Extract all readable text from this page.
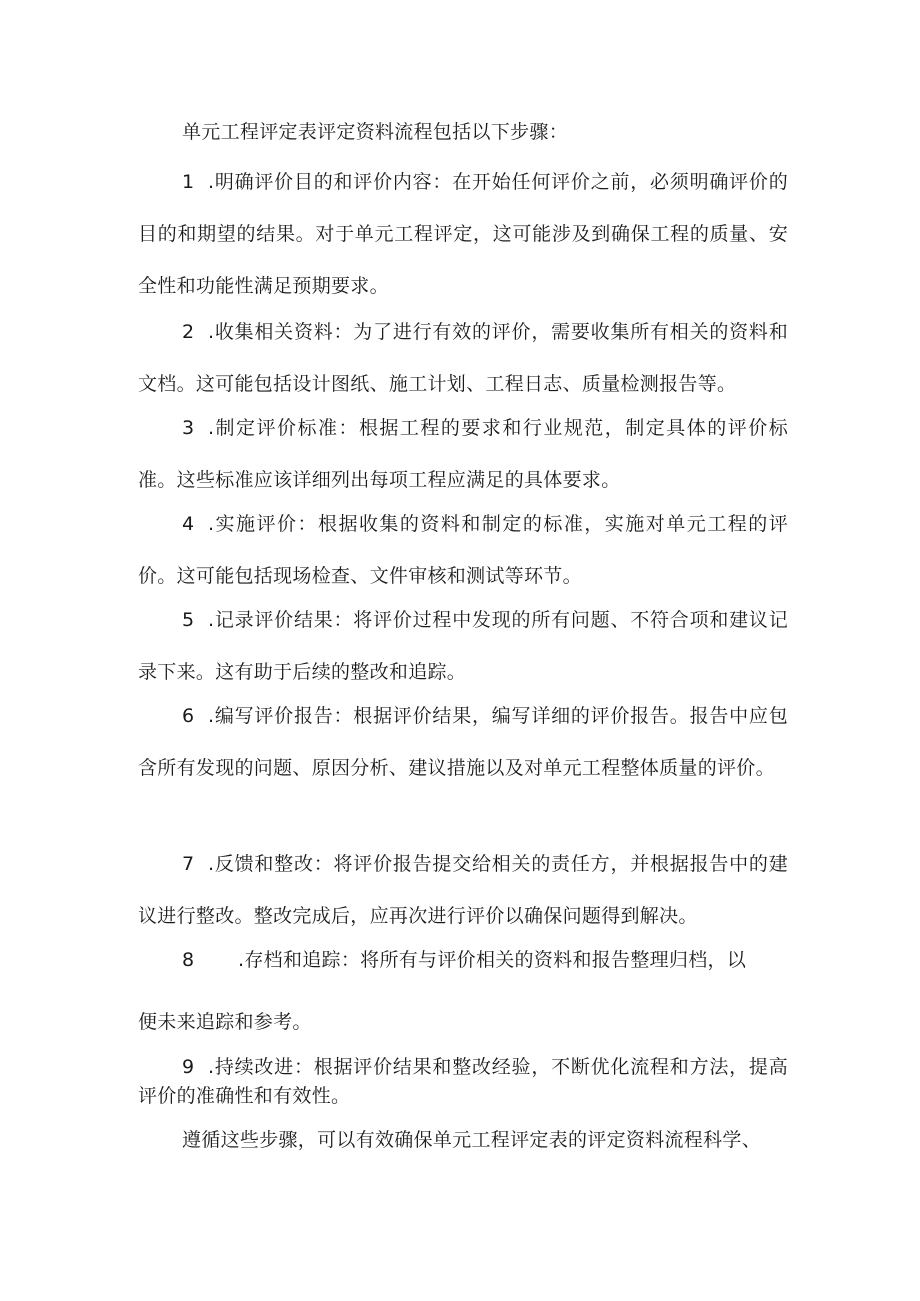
单元工程评定表评定资料流程包括以下步骤：

1 .明确评价目的和评价内容：在开始任何评价之前，必须明确评价的目的和期望的结果。对于单元工程评定，这可能涉及到确保工程的质量、安全性和功能性满足预期要求。

2 .收集相关资料：为了进行有效的评价，需要收集所有相关的资料和文档。这可能包括设计图纸、施工计划、工程日志、质量检测报告等。

3 .制定评价标准：根据工程的要求和行业规范，制定具体的评价标准。这些标准应该详细列出每项工程应满足的具体要求。

4 .实施评价：根据收集的资料和制定的标准，实施对单元工程的评价。这可能包括现场检查、文件审核和测试等环节。

5 .记录评价结果：将评价过程中发现的所有问题、不符合项和建议记录下来。这有助于后续的整改和追踪。

6 .编写评价报告：根据评价结果，编写详细的评价报告。报告中应包含所有发现的问题、原因分析、建议措施以及对单元工程整体质量的评价。

7 .反馈和整改：将评价报告提交给相关的责任方，并根据报告中的建议进行整改。整改完成后，应再次进行评价以确保问题得到解决。

8 .存档和追踪：将所有与评价相关的资料和报告整理归档，以
便未来追踪和参考。

9 .持续改进：根据评价结果和整改经验，不断优化流程和方法，提高评价的准确性和有效性。

遵循这些步骤，可以有效确保单元工程评定表的评定资料流程科学、
